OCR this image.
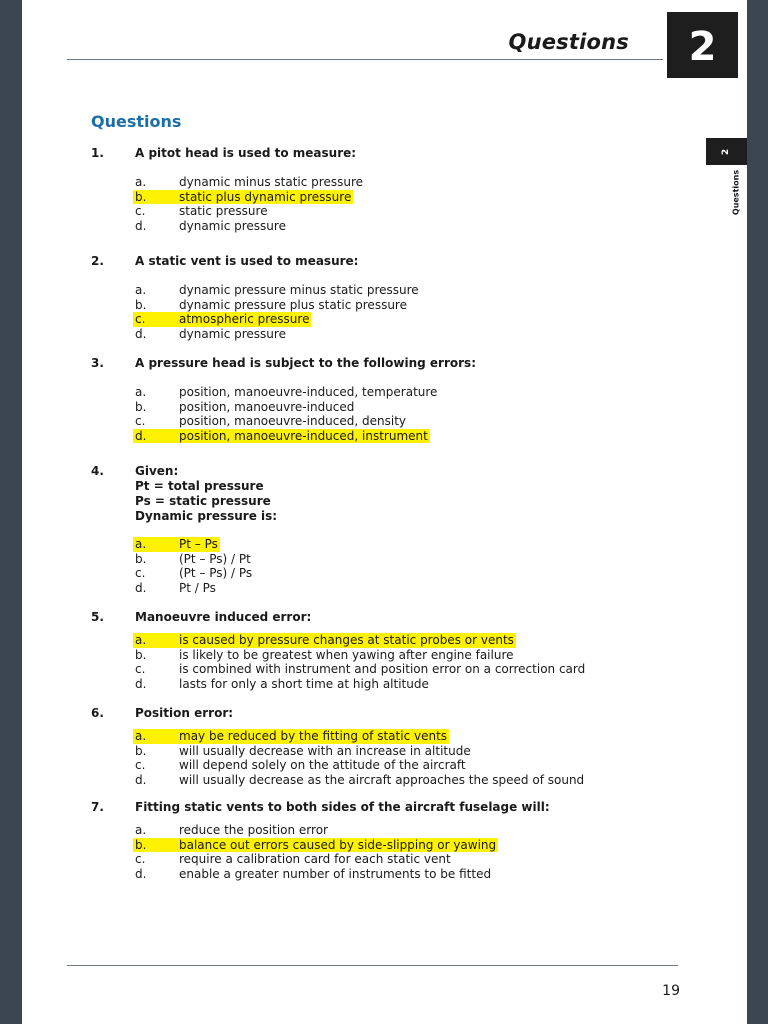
Questions	2
2
Questions
Questions
1.	A pitot head is used to measure:
a.	dynamic minus static pressure
b.	static plus dynamic pressure
c.	static pressure
d.	dynamic pressure
2.	A static vent is used to measure:
a.	dynamic pressure minus static pressure
b.	dynamic pressure plus static pressure
c.	atmospheric pressure
d.	dynamic pressure
3.	A pressure head is subject to the following errors:
a.	position, manoeuvre-induced, temperature
b.	position, manoeuvre-induced
c.	position, manoeuvre-induced, density
d.	position, manoeuvre-induced, instrument
4.	Given:
Pt = total pressure
Ps = static pressure
Dynamic pressure is:
a.	Pt – Ps
b.	(Pt – Ps) / Pt
c.	(Pt – Ps) / Ps
d.	Pt / Ps
5.	Manoeuvre induced error:
a.	is caused by pressure changes at static probes or vents
b.	is likely to be greatest when yawing after engine failure
c.	is combined with instrument and position error on a correction card
d.	lasts for only a short time at high altitude
6.	Position error:
a.	may be reduced by the fitting of static vents
b.	will usually decrease with an increase in altitude
c.	will depend solely on the attitude of the aircraft
d.	will usually decrease as the aircraft approaches the speed of sound
7.	Fitting static vents to both sides of the aircraft fuselage will:
a.	reduce the position error
b.	balance out errors caused by side-slipping or yawing
c.	require a calibration card for each static vent
d.	enable a greater number of instruments to be fitted
19
